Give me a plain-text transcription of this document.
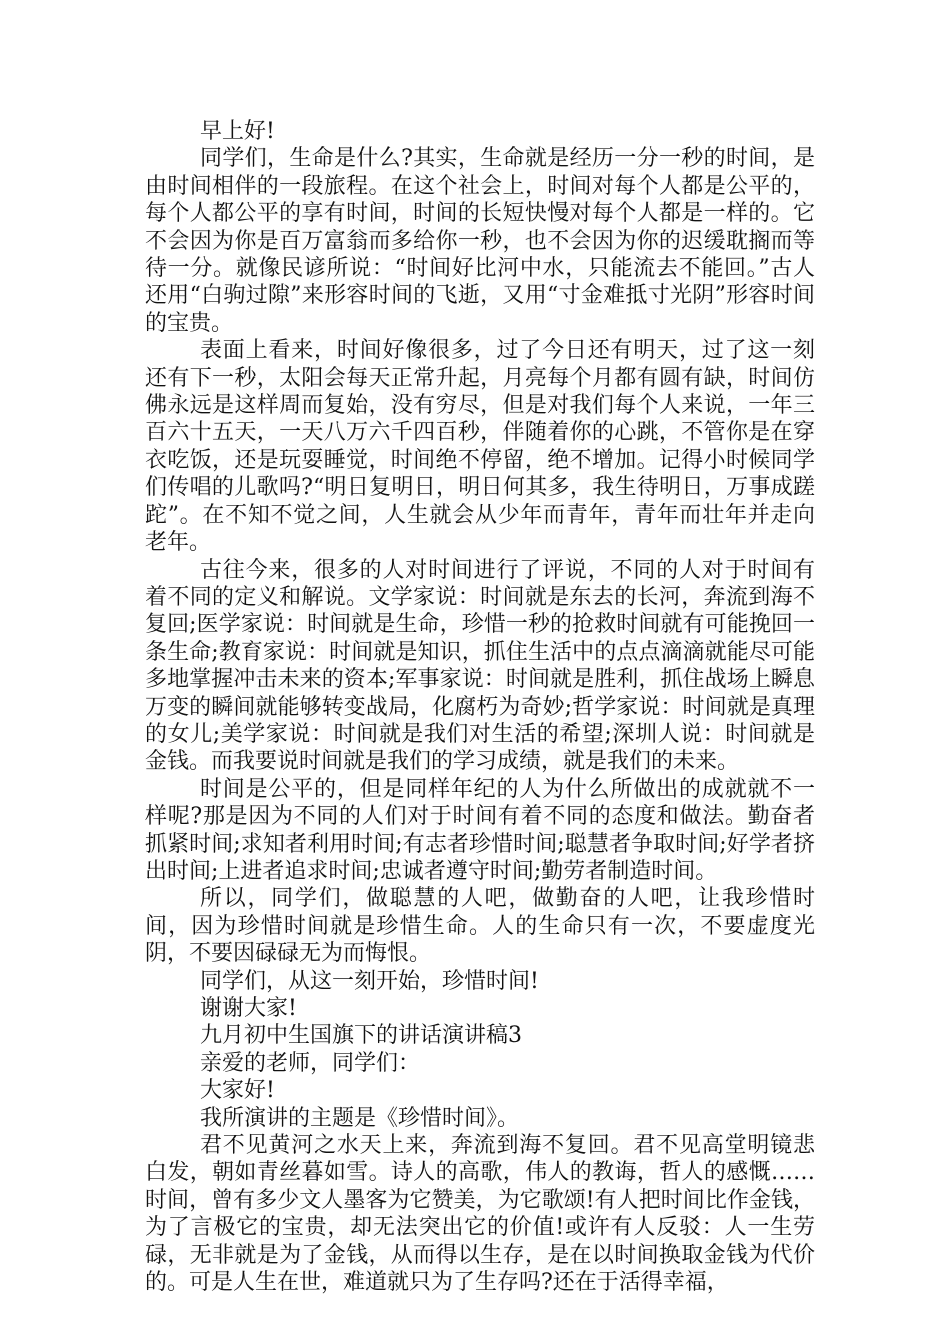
早上好!

同学们，生命是什么?其实，生命就是经历一分一秒的时间，是由时间相伴的一段旅程。在这个社会上，时间对每个人都是公平的，每个人都公平的享有时间，时间的长短快慢对每个人都是一样的。它不会因为你是百万富翁而多给你一秒，也不会因为你的迟缓耽搁而等待一分。就像民谚所说：“时间好比河中水，只能流去不能回。”古人还用“白驹过隙”来形容时间的飞逝，又用“寸金难抵寸光阴”形容时间的宝贵。

表面上看来，时间好像很多，过了今日还有明天，过了这一刻还有下一秒，太阳会每天正常升起，月亮每个月都有圆有缺，时间仿佛永远是这样周而复始，没有穷尽，但是对我们每个人来说，一年三百六十五天，一天八万六千四百秒，伴随着你的心跳，不管你是在穿衣吃饭，还是玩耍睡觉，时间绝不停留，绝不增加。记得小时候同学们传唱的儿歌吗?“明日复明日，明日何其多，我生待明日，万事成蹉跎”。在不知不觉之间，人生就会从少年而青年，青年而壮年并走向老年。

古往今来，很多的人对时间进行了评说，不同的人对于时间有着不同的定义和解说。文学家说：时间就是东去的长河，奔流到海不复回;医学家说：时间就是生命，珍惜一秒的抢救时间就有可能挽回一条生命;教育家说：时间就是知识，抓住生活中的点点滴滴就能尽可能多地掌握冲击未来的资本;军事家说：时间就是胜利，抓住战场上瞬息万变的瞬间就能够转变战局，化腐朽为奇妙;哲学家说：时间就是真理的女儿;美学家说：时间就是我们对生活的希望;深圳人说：时间就是金钱。而我要说时间就是我们的学习成绩，就是我们的未来。

时间是公平的，但是同样年纪的人为什么所做出的成就就不一样呢?那是因为不同的人们对于时间有着不同的态度和做法。勤奋者抓紧时间;求知者利用时间;有志者珍惜时间;聪慧者争取时间;好学者挤出时间;上进者追求时间;忠诚者遵守时间;勤劳者制造时间。

所以，同学们，做聪慧的人吧，做勤奋的人吧，让我珍惜时间，因为珍惜时间就是珍惜生命。人的生命只有一次，不要虚度光阴，不要因碌碌无为而悔恨。

同学们，从这一刻开始，珍惜时间!

谢谢大家!

九月初中生国旗下的讲话演讲稿3

亲爱的老师，同学们：

大家好!

我所演讲的主题是《珍惜时间》。

君不见黄河之水天上来，奔流到海不复回。君不见高堂明镜悲白发，朝如青丝暮如雪。诗人的高歌，伟人的教诲，哲人的感慨……时间，曾有多少文人墨客为它赞美，为它歌颂!有人把时间比作金钱，为了言极它的宝贵，却无法突出它的价值!或许有人反驳：人一生劳碌，无非就是为了金钱，从而得以生存，是在以时间换取金钱为代价的。可是人生在世，难道就只为了生存吗?还在于活得幸福，
